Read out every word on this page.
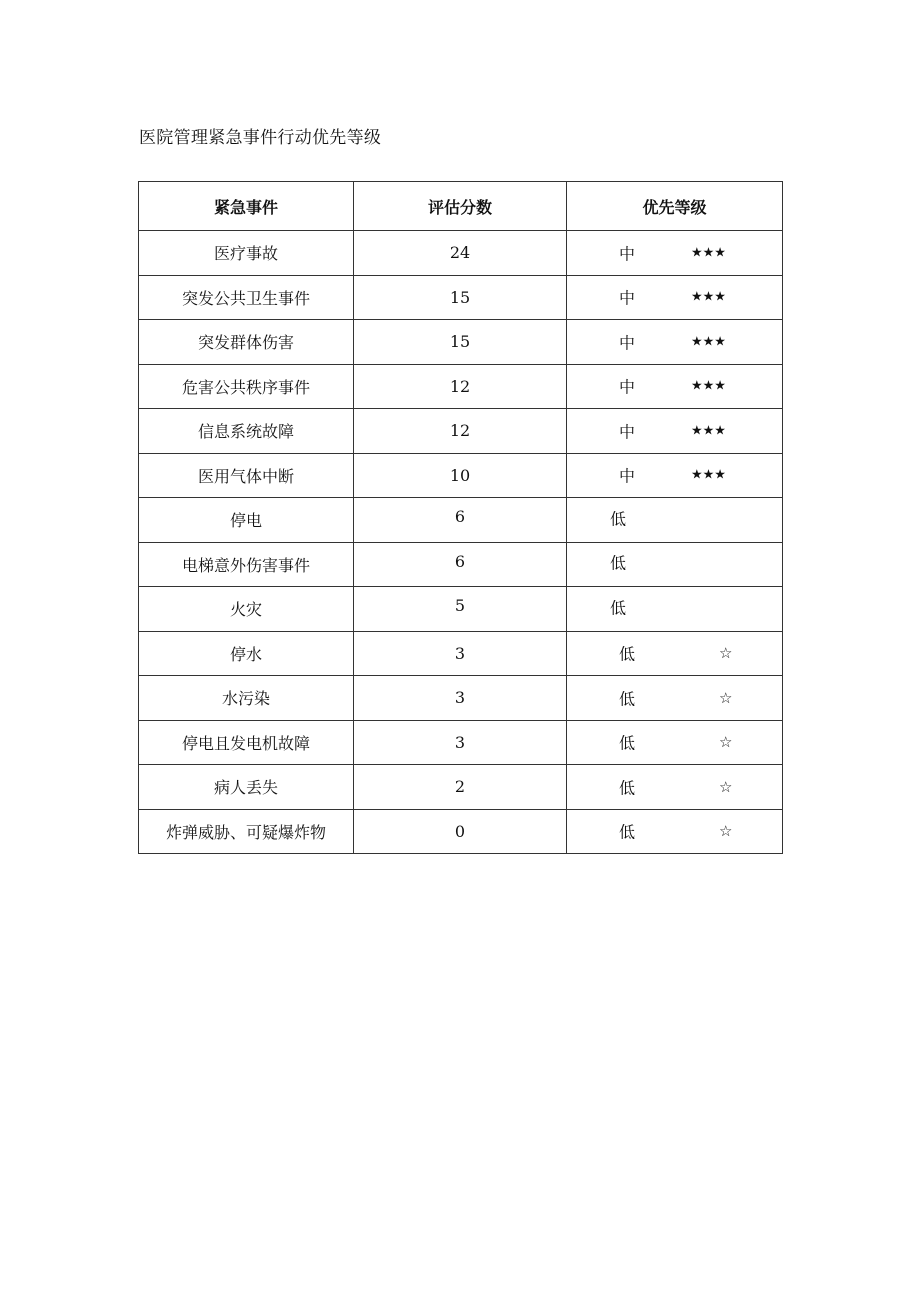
医院管理紧急事件行动优先等级
紧急事件	评估分数	优先等级
医疗事故	24	中 ★★★

突发公共卫生事件	15	中 ★★★

突发群体伤害	15	中 ★★★

危害公共秩序事件	12	中 ★★★

信息系统故障	12	中 ★★★

医用气体中断	10	中 ★★★

停电	6	低

电梯意外伤害事件	6	低

火灾	5	低

停水	3	低 ☆

水污染	3	低 ☆

停电且发电机故障	3	低 ☆

病人丢失	2	低 ☆

炸弹威胁、可疑爆炸物	0	低 ☆
